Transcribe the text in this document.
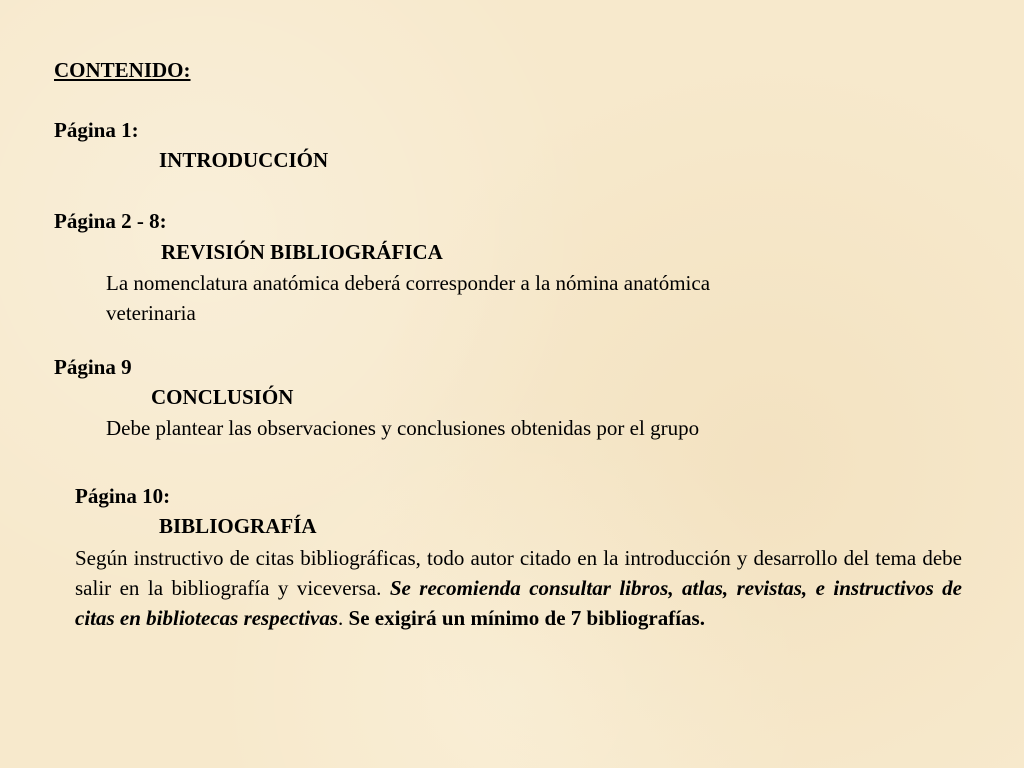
CONTENIDO:
Página 1:
INTRODUCCIÓN
Página 2 - 8:
REVISIÓN BIBLIOGRÁFICA
La nomenclatura anatómica deberá corresponder a la nómina anatómica
veterinaria
Página 9
CONCLUSIÓN
Debe plantear las observaciones y conclusiones obtenidas por el grupo
Página 10:
BIBLIOGRAFÍA
Según instructivo de citas bibliográficas, todo autor citado en la introducción y desarrollo del tema debe salir en la bibliografía y viceversa. Se recomienda consultar libros, atlas, revistas, e instructivos de citas en bibliotecas respectivas. Se exigirá un mínimo de 7 bibliografías.
